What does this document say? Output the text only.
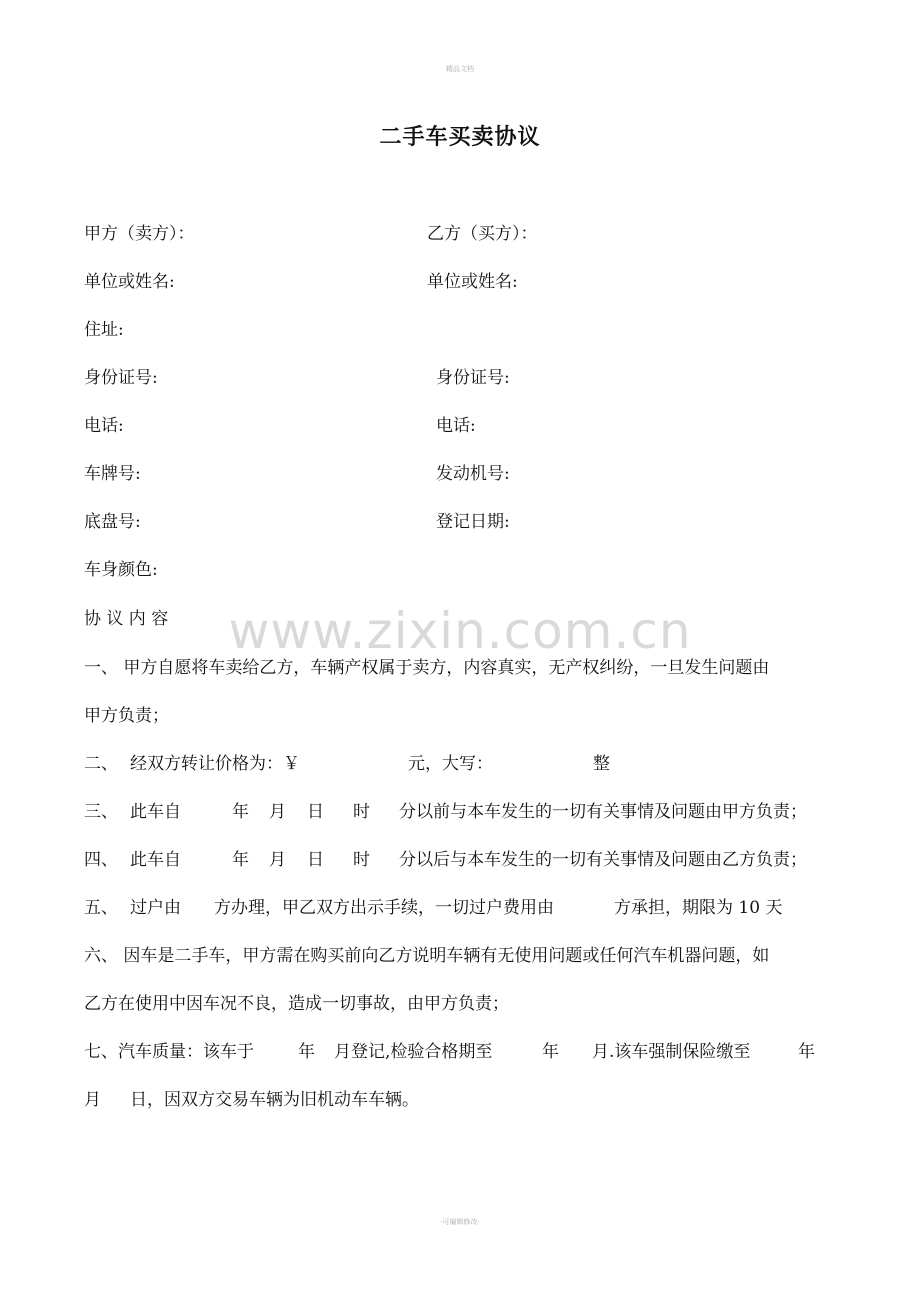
精品文档
二手车买卖协议
甲方（卖方）：	乙方（买方）：
单位或姓名:	单位或姓名:
住址:
身份证号:	身份证号:
电话:	电话:
车牌号:	发动机号:
底盘号:	登记日期:
车身颜色:
协 议 内 容	www.zixin.com.cn
一、 甲方自愿将车卖给乙方，车辆产权属于卖方，内容真实，无产权纠纷，一旦发生问题由
甲方负责；
二、 经双方转让价格为：￥	元，大写：	整
三、 此车自	年 月 日 时 分以前与本车发生的一切有关事情及问题由甲方负责；
四、 此车自	年 月 日 时 分以后与本车发生的一切有关事情及问题由乙方负责；
五、 过户由 方办理，甲乙双方出示手续，一切过户费用由	方承担，期限为 10 天
六、 因车是二手车，甲方需在购买前向乙方说明车辆有无使用问题或任何汽车机器问题，如
乙方在使用中因车况不良，造成一切事故，由甲方负责；
七、汽车质量：该车于	年 月登记,检验合格期至	年 月.该车强制保险缴至	年
月 日，因双方交易车辆为旧机动车车辆。
·可编辑修改·
